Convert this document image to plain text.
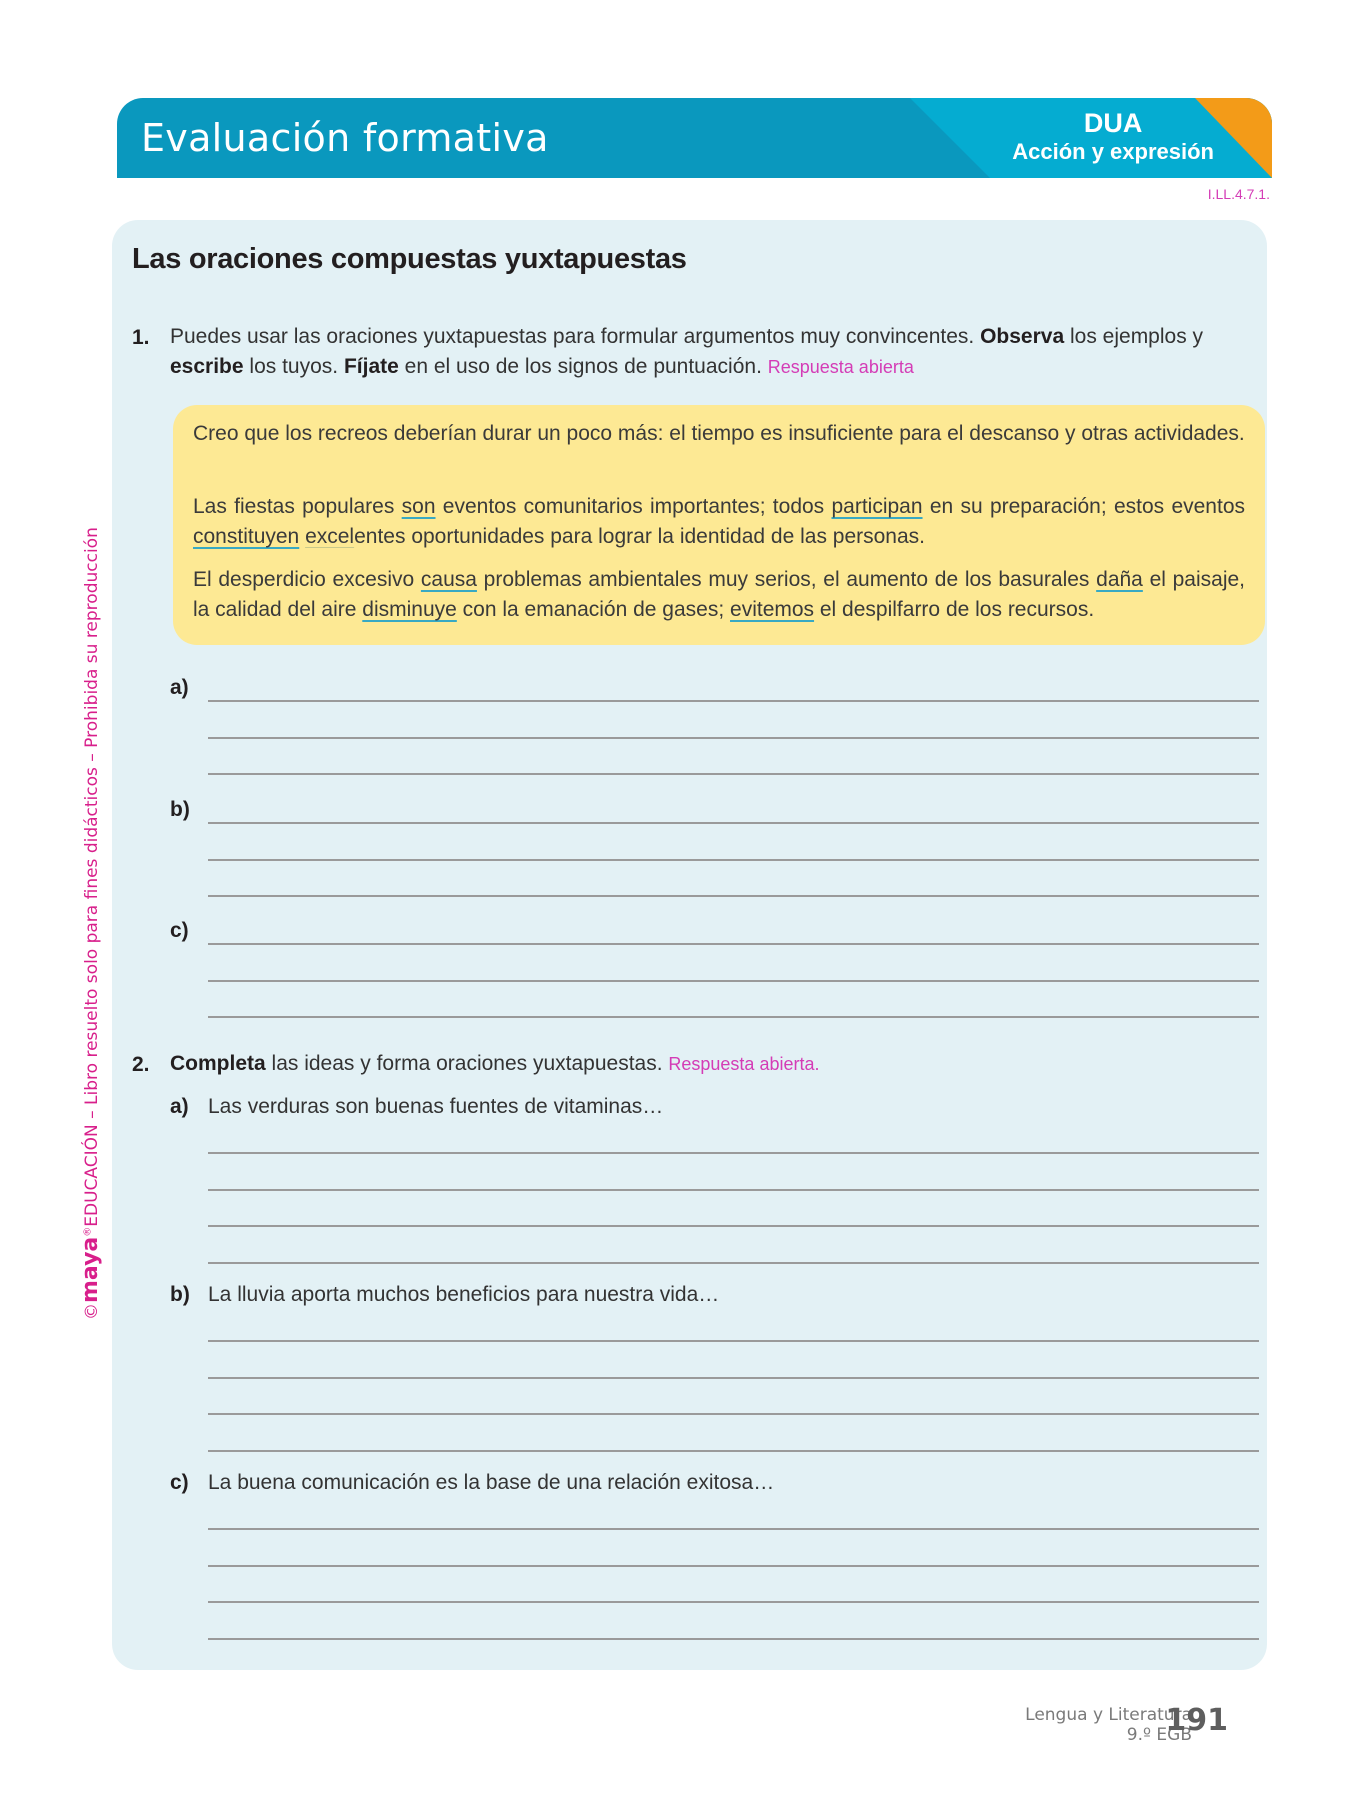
Evaluación formativa	DUA
Acción y expresión
I.LL.4.7.1.
©maya®EDUCACIÓN – Libro resuelto solo para fines didácticos – Prohibida su reproducción
Las oraciones compuestas yuxtapuestas
1. Puedes usar las oraciones yuxtapuestas para formular argumentos muy convincentes. Observa los ejemplos y escribe los tuyos. Fíjate en el uso de los signos de puntuación. Respuesta abierta
Creo que los recreos deberían durar un poco más: el tiempo es insuficiente para el descanso y otras actividades.
Las fiestas populares son eventos comunitarios importantes; todos participan en su preparación; estos eventos constituyen excelentes oportunidades para lograr la identidad de las personas.
El desperdicio excesivo causa problemas ambientales muy serios, el aumento de los basurales daña el paisaje, la calidad del aire disminuye con la emanación de gases; evitemos el despilfarro de los recursos.
a)
b)
c)
2. Completa las ideas y forma oraciones yuxtapuestas. Respuesta abierta.
a) Las verduras son buenas fuentes de vitaminas…
b) La lluvia aporta muchos beneficios para nuestra vida…
c) La buena comunicación es la base de una relación exitosa…
Lengua y Literatura
9.º EGB
191
